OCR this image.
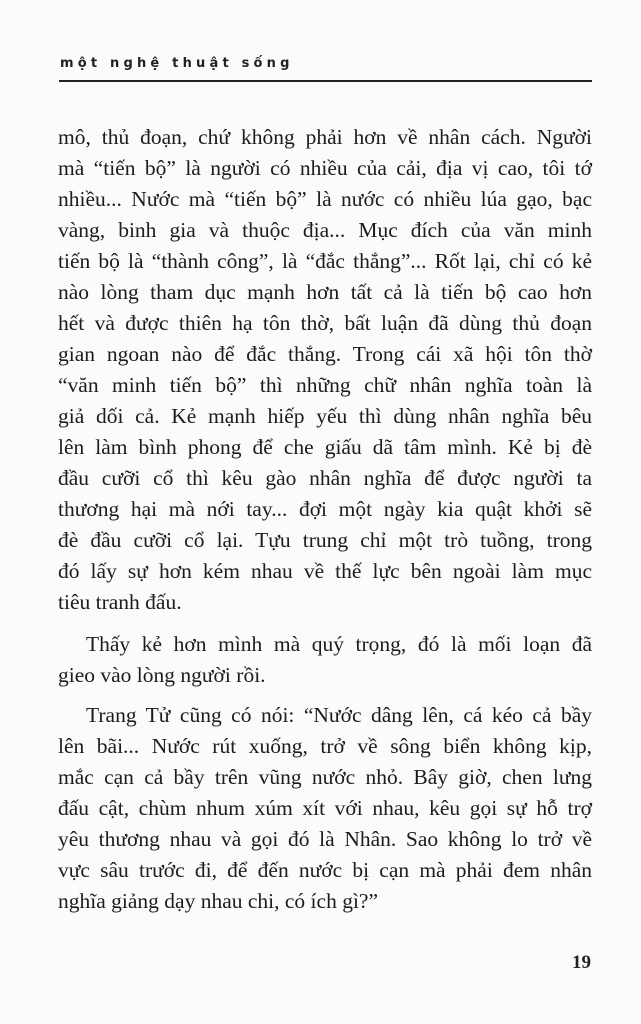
một nghệ thuật sống
mô, thủ đoạn, chứ không phải hơn về nhân cách. Người
mà “tiến bộ” là người có nhiều của cải, địa vị cao, tôi tớ
nhiều... Nước mà “tiến bộ” là nước có nhiều lúa gạo, bạc
vàng, binh gia và thuộc địa... Mục đích của văn minh
tiến bộ là “thành công”, là “đắc thắng”... Rốt lại, chỉ có kẻ
nào lòng tham dục mạnh hơn tất cả là tiến bộ cao hơn
hết và được thiên hạ tôn thờ, bất luận đã dùng thủ đoạn
gian ngoan nào để đắc thắng. Trong cái xã hội tôn thờ
“văn minh tiến bộ” thì những chữ nhân nghĩa toàn là
giả dối cả. Kẻ mạnh hiếp yếu thì dùng nhân nghĩa bêu
lên làm bình phong để che giấu dã tâm mình. Kẻ bị đè
đầu cưỡi cổ thì kêu gào nhân nghĩa để được người ta
thương hại mà nới tay... đợi một ngày kia quật khởi sẽ
đè đầu cưỡi cổ lại. Tựu trung chỉ một trò tuồng, trong
đó lấy sự hơn kém nhau về thế lực bên ngoài làm mục
tiêu tranh đấu.
Thấy kẻ hơn mình mà quý trọng, đó là mối loạn đã
gieo vào lòng người rồi.
Trang Tử cũng có nói: “Nước dâng lên, cá kéo cả bầy
lên bãi... Nước rút xuống, trở về sông biển không kịp,
mắc cạn cả bầy trên vũng nước nhỏ. Bây giờ, chen lưng
đấu cật, chùm nhum xúm xít với nhau, kêu gọi sự hỗ trợ
yêu thương nhau và gọi đó là Nhân. Sao không lo trở về
vực sâu trước đi, để đến nước bị cạn mà phải đem nhân
nghĩa giảng dạy nhau chi, có ích gì?”
19
